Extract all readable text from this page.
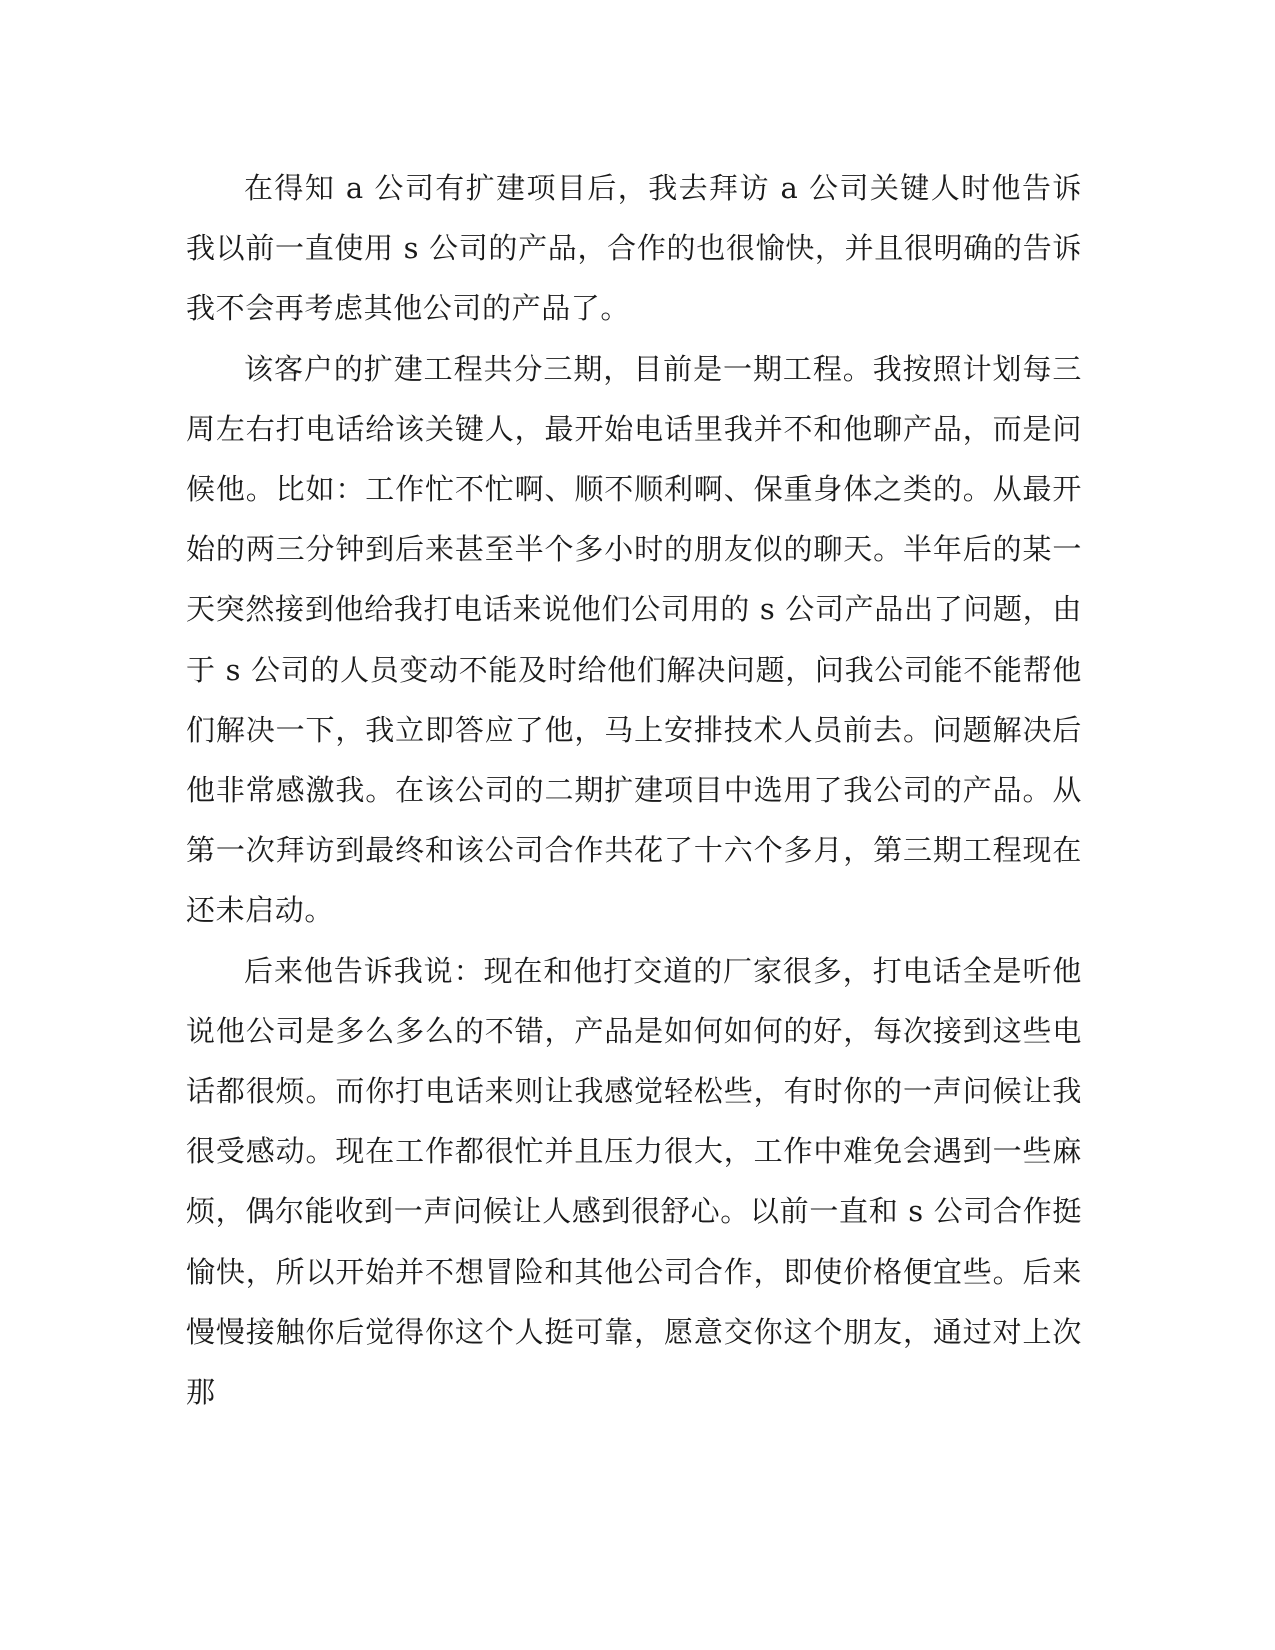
在得知 a 公司有扩建项目后，我去拜访 a 公司关键人时他告诉我以前一直使用 s 公司的产品，合作的也很愉快，并且很明确的告诉我不会再考虑其他公司的产品了。

该客户的扩建工程共分三期，目前是一期工程。我按照计划每三周左右打电话给该关键人，最开始电话里我并不和他聊产品，而是问候他。比如：工作忙不忙啊、顺不顺利啊、保重身体之类的。从最开始的两三分钟到后来甚至半个多小时的朋友似的聊天。半年后的某一天突然接到他给我打电话来说他们公司用的 s 公司产品出了问题，由于 s 公司的人员变动不能及时给他们解决问题，问我公司能不能帮他们解决一下，我立即答应了他，马上安排技术人员前去。问题解决后他非常感激我。在该公司的二期扩建项目中选用了我公司的产品。从第一次拜访到最终和该公司合作共花了十六个多月，第三期工程现在还未启动。

后来他告诉我说：现在和他打交道的厂家很多，打电话全是听他说他公司是多么多么的不错，产品是如何如何的好，每次接到这些电话都很烦。而你打电话来则让我感觉轻松些，有时你的一声问候让我很受感动。现在工作都很忙并且压力很大，工作中难免会遇到一些麻烦，偶尔能收到一声问候让人感到很舒心。以前一直和 s 公司合作挺愉快，所以开始并不想冒险和其他公司合作，即使价格便宜些。后来慢慢接触你后觉得你这个人挺可靠，愿意交你这个朋友，通过对上次那
